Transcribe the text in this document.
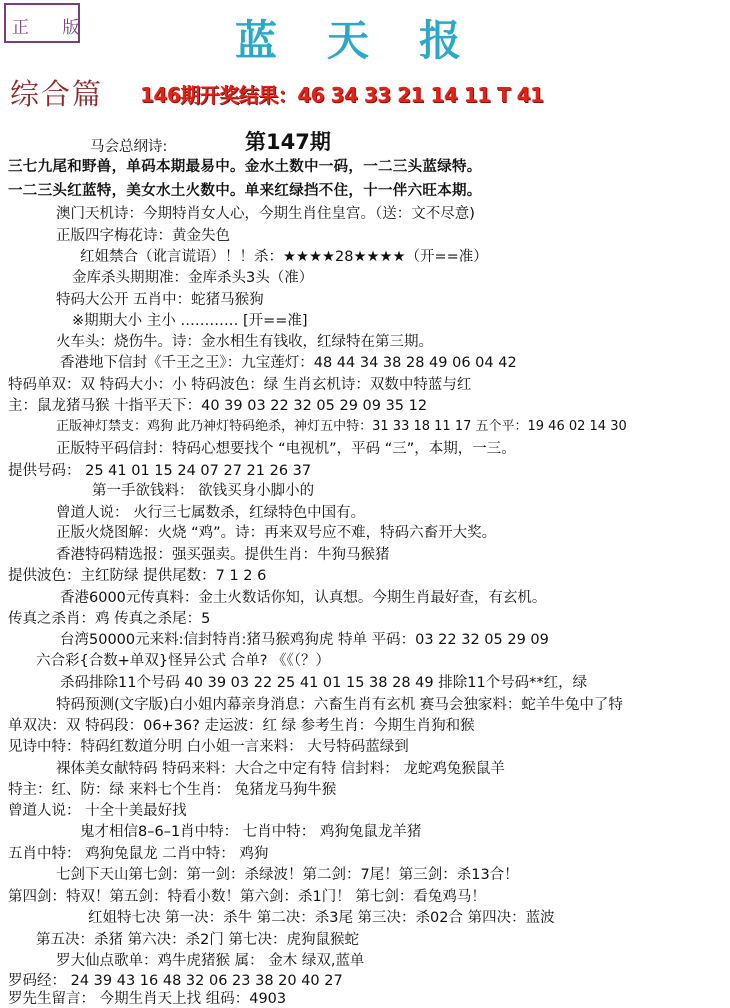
正 版	蓝天报
综合篇 146期开奖结果：46 34 33 21 14 11 T 41
第147期
马会总纲诗:
三七九尾和野兽，单码本期最易中。金水土数中一码，一二三头蓝绿特。
一二三头红蓝特，美女水土火数中。单来红绿挡不住，十一伴六旺本期。
澳门天机诗：今期特肖女人心，今期生肖住皇宫。（送：文不尽意)
正版四字梅花诗：黄金失色
红姐禁合（讹言谎语）！！杀：★★★★28★★★★（开==准）
金库杀头期期准：金库杀头3头（准）
特码大公开 五肖中：蛇猪马猴狗
※期期大小 主小 ………… [开==准]
火车头：烧伤牛。诗：金水相生有钱收，红绿特在第三期。
香港地下信封《千王之王》：九宝莲灯：48 44 34 38 28 49 06 04 42
特码单双：双 特码大小：小 特码波色：绿 生肖玄机诗：双数中特蓝与红
主：鼠龙猪马猴 十指平天下：40 39 03 22 32 05 29 09 35 12
正版神灯禁支：鸡狗 此乃神灯特码绝杀，神灯五中特：31 33 18 11 17 五个平：19 46 02 14 30
正版特平码信封：特码心想要找个 “电视机”，平码 “三”，本期，一三。
提供号码： 25 41 01 15 24 07 27 21 26 37
第一手欲钱料： 欲钱买身小脚小的
曾道人说： 火行三七属数杀，红绿特色中国有。
正版火烧图解：火烧 “鸡”。诗：再来双号应不难，特码六畜开大奖。
香港特码精选报：强买强卖。提供生肖：牛狗马猴猪
提供波色：主红防绿 提供尾数：7 1 2 6
香港6000元传真料：金土火数话你知，认真想。今期生肖最好查，有玄机。
传真之杀肖：鸡 传真之杀尾：5
台湾50000元来料:信封特肖:猪马猴鸡狗虎 特单 平码：03 22 32 05 29 09
六合彩{合数+单双}怪异公式 合单? 《《（？）
杀码排除11个号码 40 39 03 22 25 41 01 15 38 28 49 排除11个号码**红，绿
特码预测(文字版)白小姐内幕亲身消息：六畜生肖有玄机 赛马会独家料：蛇羊牛兔中了特
单双决：双 特码段：06+36? 走运波：红 绿 参考生肖：今期生肖狗和猴
见诗中特：特码红数道分明 白小姐一言来料： 大号特码蓝绿到
裸体美女献特码 特码来料：大合之中定有特 信封料： 龙蛇鸡兔猴鼠羊
特主：红、防：绿 来料七个生肖： 兔猪龙马狗牛猴
曾道人说： 十全十美最好找
鬼才相信8–6–1肖中特： 七肖中特： 鸡狗兔鼠龙羊猪
五肖中特： 鸡狗兔鼠龙 二肖中特： 鸡狗
七剑下天山第七剑：第一剑：杀绿波！第二剑：7尾！第三剑：杀13合！
第四剑：特双！第五剑：特看小数！第六剑：杀1门！ 第七剑：看兔鸡马！
红姐特七决 第一决：杀牛 第二决：杀3尾 第三决：杀02合 第四决：蓝波
第五决：杀猪 第六决：杀2门 第七决：虎狗鼠猴蛇
罗大仙点歌单：鸡牛虎猪猴 属： 金木 绿双,蓝单
罗码经： 24 39 43 16 48 32 06 23 38 20 40 27
罗先生留言： 今期生肖天上找 组码：4903
